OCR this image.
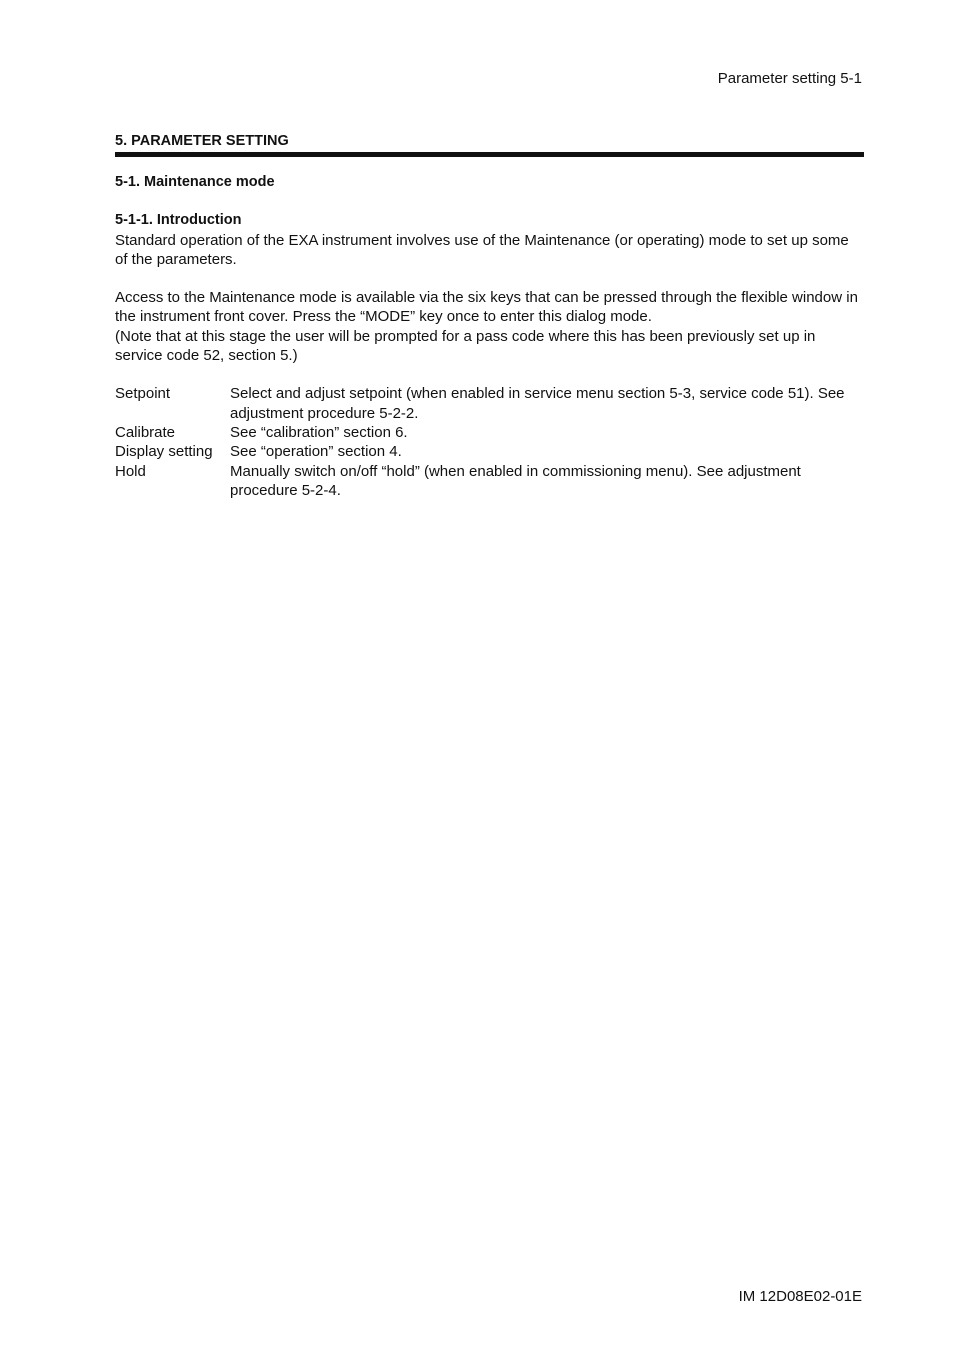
Parameter setting 5-1
5. PARAMETER SETTING
5-1. Maintenance mode
5-1-1. Introduction

Standard operation of the EXA instrument involves use of the Maintenance (or operating) mode to set up some of the parameters.

Access to the Maintenance mode is available via the six keys that can be pressed through the flexible window in the instrument front cover. Press the “MODE” key once to enter this dialog mode.

(Note that at this stage the user will be prompted for a pass code where this has been previously set up in service code 52, section 5.)

Setpoint	Select and adjust setpoint (when enabled in service menu section 5-3, service code 51). See adjustment procedure 5-2-2.
Calibrate	See “calibration” section 6.
Display setting	See “operation” section 4.
Hold	Manually switch on/off “hold” (when enabled in commissioning menu). See adjustment procedure 5-2-4.
IM 12D08E02-01E
